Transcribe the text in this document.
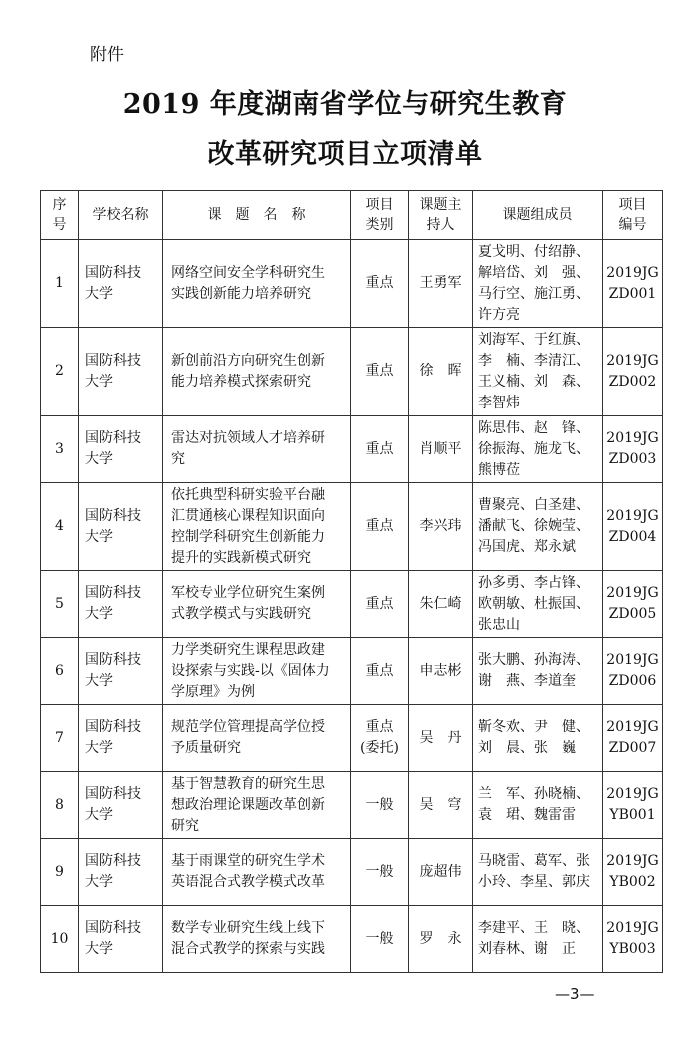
附件
2019 年度湖南省学位与研究生教育
改革研究项目立项清单
序
号	学校名称	课　题　名　称	项目
类别	课题主
持人	课题组成员	项目
编号

1	国防科技
大学	网络空间安全学科研究生
实践创新能力培养研究	重点	王勇军	夏戈明、付绍静、
解培岱、刘　强、
马行空、施江勇、
许方亮	2019JG
ZD001

2	国防科技
大学	新创前沿方向研究生创新
能力培养模式探索研究	重点	徐　晖	刘海军、于红旗、
李　楠、李清江、
王义楠、刘　森、
李智炜	2019JG
ZD002

3	国防科技
大学	雷达对抗领域人才培养研
究	重点	肖顺平	陈思伟、赵　锋、
徐振海、施龙飞、
熊博莅	2019JG
ZD003

4	国防科技
大学	依托典型科研实验平台融
汇贯通核心课程知识面向
控制学科研究生创新能力
提升的实践新模式研究	重点	李兴玮	曹聚亮、白圣建、
潘献飞、徐婉莹、
冯国虎、郑永斌	2019JG
ZD004

5	国防科技
大学	军校专业学位研究生案例
式教学模式与实践研究	重点	朱仁崎	孙多勇、李占锋、
欧朝敏、杜振国、
张忠山	2019JG
ZD005

6	国防科技
大学	力学类研究生课程思政建
设探索与实践-以《固体力
学原理》为例	重点	申志彬	张大鹏、孙海涛、
谢　燕、李道奎	2019JG
ZD006

7	国防科技
大学	规范学位管理提高学位授
予质量研究	重点
(委托)	吴　丹	靳冬欢、尹　健、
刘　晨、张　巍	2019JG
ZD007

8	国防科技
大学	基于智慧教育的研究生思
想政治理论课题改革创新
研究	一般	吴　穹	兰　军、孙晓楠、
袁　珺、魏雷雷	2019JG
YB001

9	国防科技
大学	基于雨课堂的研究生学术
英语混合式教学模式改革	一般	庞超伟	马晓雷、葛军、张
小玲、李星、郭庆	2019JG
YB002

10	国防科技
大学	数学专业研究生线上线下
混合式教学的探索与实践	一般	罗　永	李建平、王　晓、
刘春林、谢　正	2019JG
YB003
—3—
